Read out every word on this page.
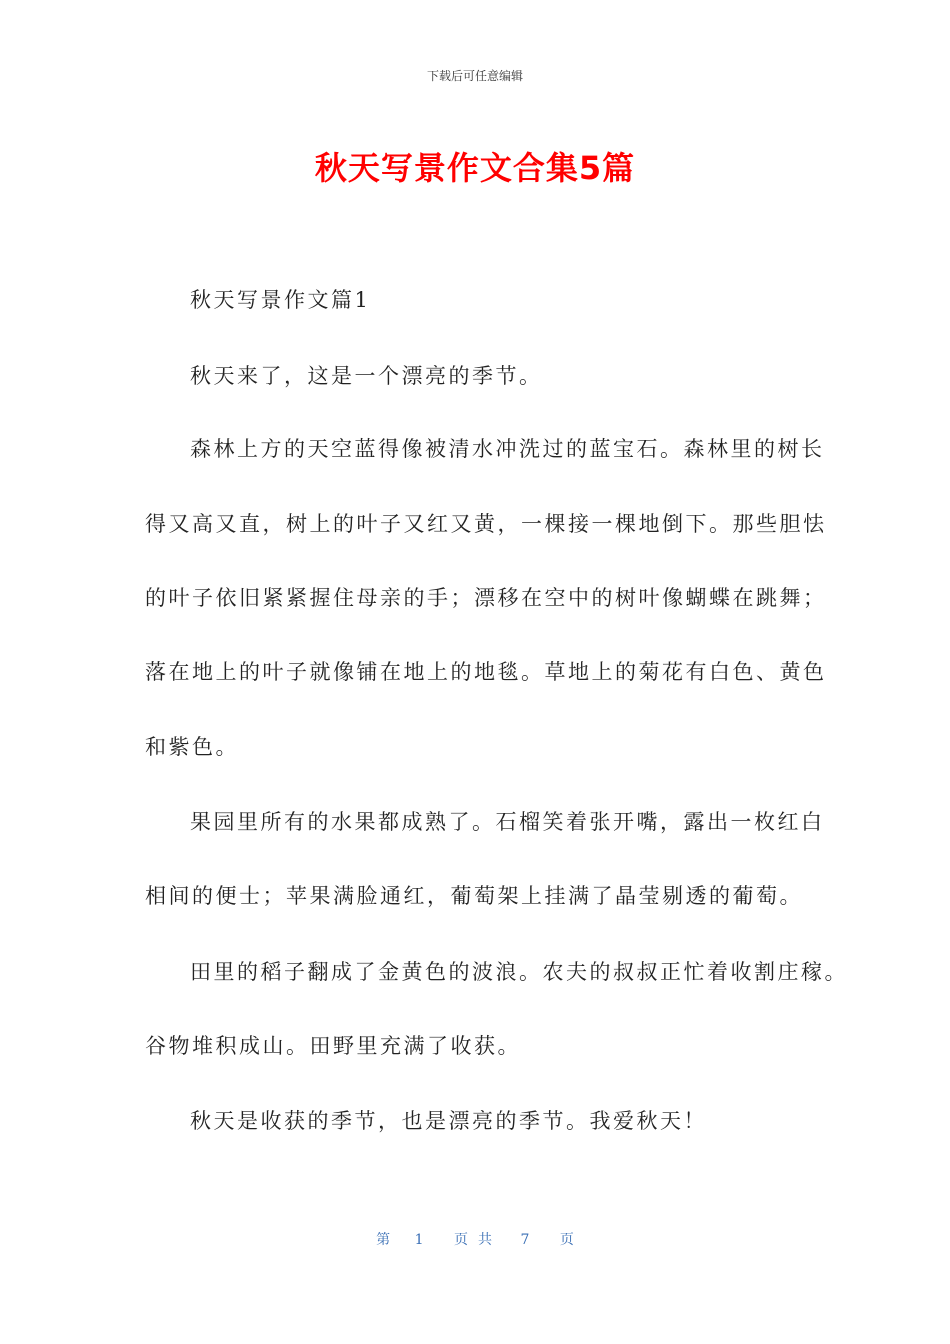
下载后可任意编辑
秋天写景作文合集5篇
秋天写景作文篇1
秋天来了，这是一个漂亮的季节。
森林上方的天空蓝得像被清水冲洗过的蓝宝石。森林里的树长
得又高又直，树上的叶子又红又黄，一棵接一棵地倒下。那些胆怯
的叶子依旧紧紧握住母亲的手；漂移在空中的树叶像蝴蝶在跳舞；
落在地上的叶子就像铺在地上的地毯。草地上的菊花有白色、黄色
和紫色。
果园里所有的水果都成熟了。石榴笑着张开嘴，露出一枚红白
相间的便士；苹果满脸通红，葡萄架上挂满了晶莹剔透的葡萄。
田里的稻子翻成了金黄色的波浪。农夫的叔叔正忙着收割庄稼。
谷物堆积成山。田野里充满了收获。
秋天是收获的季节，也是漂亮的季节。我爱秋天！
第 1 页共 7 页
